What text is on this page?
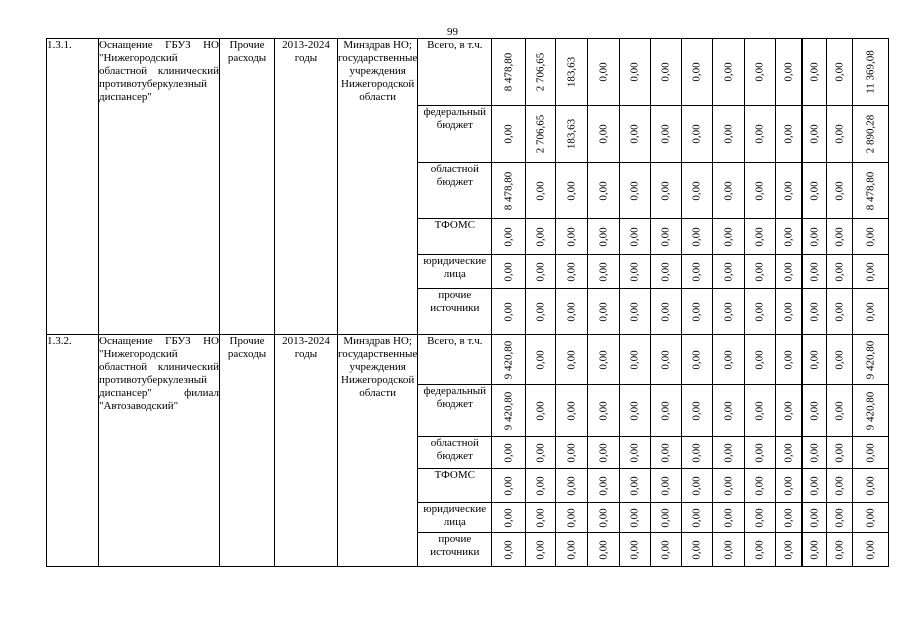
99
1.3.1.	Оснащение ГБУЗ НО "Нижегородский областной клинический противотуберкулезный диспансер"	Прочие расходы	2013-2024 годы	Минздрав НО; государственные учреждения Нижегородской области	Всего, в т.ч.	8 478,80	2 706,65	183,63	0,00	0,00	0,00	0,00	0,00	0,00	0,00	0,00	0,00	11 369,08

					федеральный бюджет	0,00	2 706,65	183,63	0,00	0,00	0,00	0,00	0,00	0,00	0,00	0,00	0,00	2 890,28

					областной бюджет	8 478,80	0,00	0,00	0,00	0,00	0,00	0,00	0,00	0,00	0,00	0,00	0,00	8 478,80

					ТФОМС	0,00	0,00	0,00	0,00	0,00	0,00	0,00	0,00	0,00	0,00	0,00	0,00	0,00

					юридические лица	0,00	0,00	0,00	0,00	0,00	0,00	0,00	0,00	0,00	0,00	0,00	0,00	0,00

					прочие источники	0,00	0,00	0,00	0,00	0,00	0,00	0,00	0,00	0,00	0,00	0,00	0,00	0,00

1.3.2.	Оснащение ГБУЗ НО "Нижегородский областной клинический противотуберкулезный диспансер" филиал "Автозаводский"	Прочие расходы	2013-2024 годы	Минздрав НО; государственные учреждения Нижегородской области	Всего, в т.ч.	9 420,80	0,00	0,00	0,00	0,00	0,00	0,00	0,00	0,00	0,00	0,00	0,00	9 420,80

					федеральный бюджет	9 420,80	0,00	0,00	0,00	0,00	0,00	0,00	0,00	0,00	0,00	0,00	0,00	9 420,80

					областной бюджет	0,00	0,00	0,00	0,00	0,00	0,00	0,00	0,00	0,00	0,00	0,00	0,00	0,00

					ТФОМС	0,00	0,00	0,00	0,00	0,00	0,00	0,00	0,00	0,00	0,00	0,00	0,00	0,00

					юридические лица	0,00	0,00	0,00	0,00	0,00	0,00	0,00	0,00	0,00	0,00	0,00	0,00	0,00

					прочие источники	0,00	0,00	0,00	0,00	0,00	0,00	0,00	0,00	0,00	0,00	0,00	0,00	0,00
